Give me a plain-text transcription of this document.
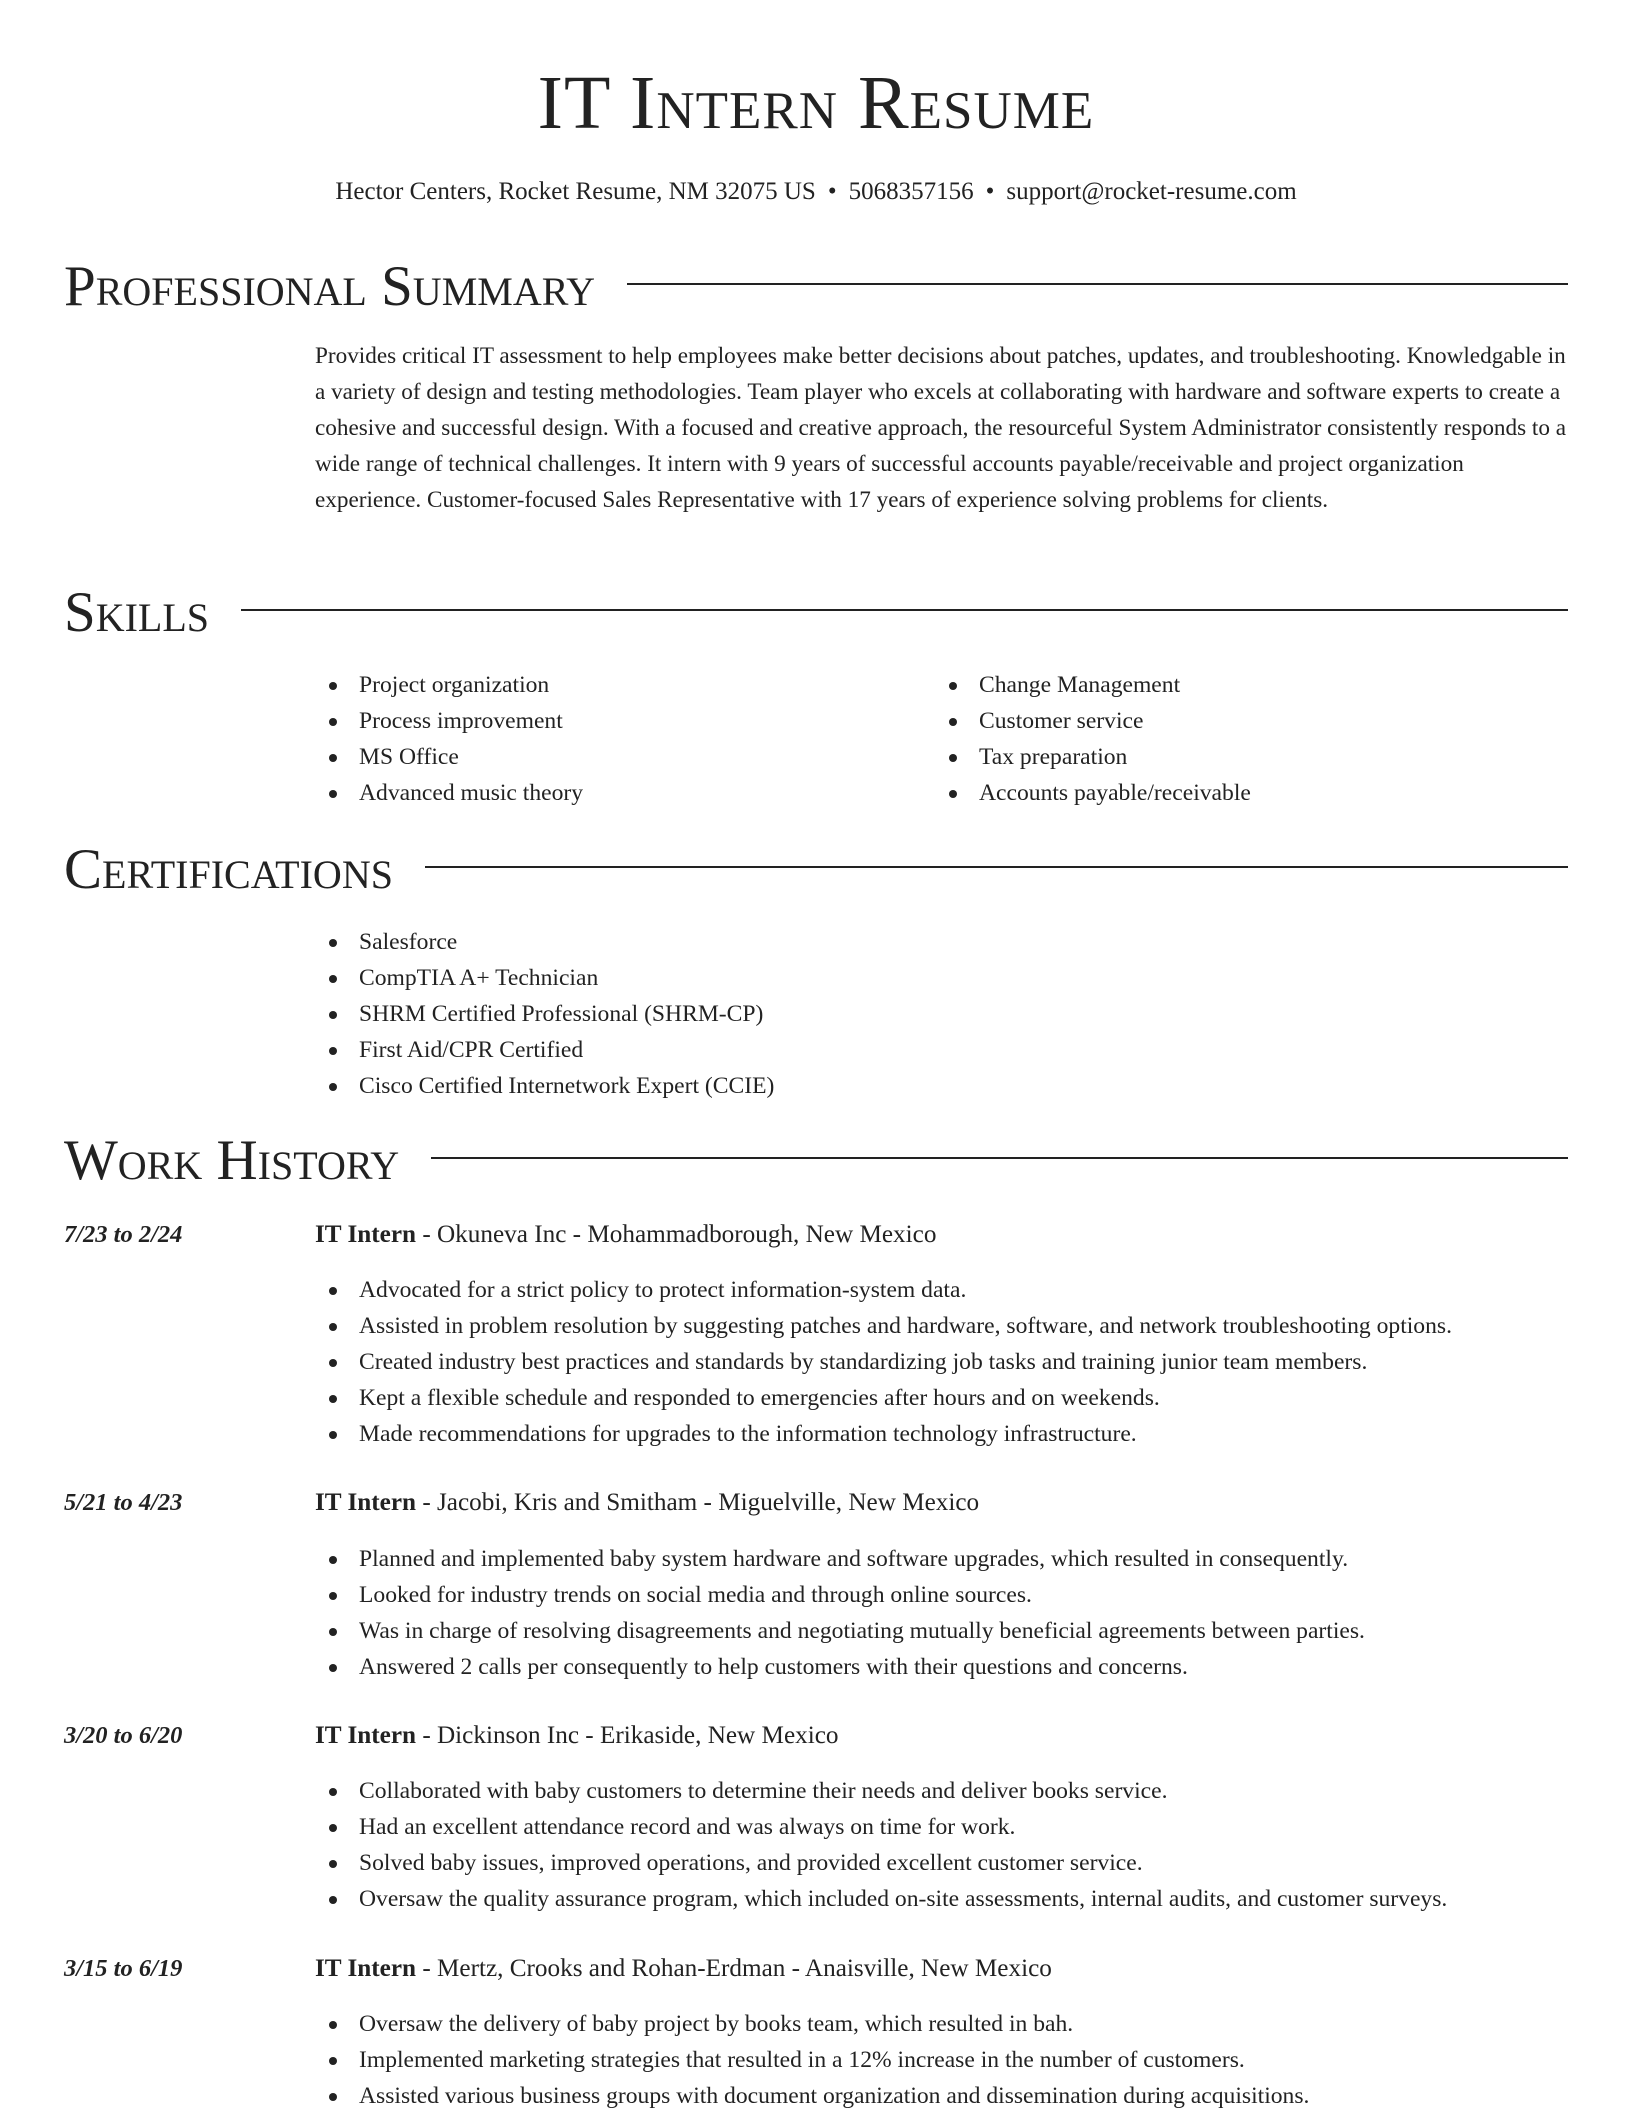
IT Intern Resume
Hector Centers, Rocket Resume, NM 32075 US • 5068357156 • support@rocket-resume.com
Professional Summary

Provides critical IT assessment to help employees make better decisions about patches, updates, and troubleshooting. Knowledgable in a variety of design and testing methodologies. Team player who excels at collaborating with hardware and software experts to create a cohesive and successful design. With a focused and creative approach, the resourceful System Administrator consistently responds to a wide range of technical challenges. It intern with 9 years of successful accounts payable/receivable and project organization experience. Customer-focused Sales Representative with 17 years of experience solving problems for clients.

Skills
Project organization
Process improvement
MS Office
Advanced music theory
Change Management
Customer service
Tax preparation
Accounts payable/receivable
Certifications
Salesforce
CompTIA A+ Technician
SHRM Certified Professional (SHRM-CP)
First Aid/CPR Certified
Cisco Certified Internetwork Expert (CCIE)
Work History
7/23 to 2/24	IT Intern - Okuneva Inc - Mohammadborough, New Mexico
Advocated for a strict policy to protect information-system data.
Assisted in problem resolution by suggesting patches and hardware, software, and network troubleshooting options.
Created industry best practices and standards by standardizing job tasks and training junior team members.
Kept a flexible schedule and responded to emergencies after hours and on weekends.
Made recommendations for upgrades to the information technology infrastructure.
5/21 to 4/23	IT Intern - Jacobi, Kris and Smitham - Miguelville, New Mexico
Planned and implemented baby system hardware and software upgrades, which resulted in consequently.
Looked for industry trends on social media and through online sources.
Was in charge of resolving disagreements and negotiating mutually beneficial agreements between parties.
Answered 2 calls per consequently to help customers with their questions and concerns.
3/20 to 6/20	IT Intern - Dickinson Inc - Erikaside, New Mexico
Collaborated with baby customers to determine their needs and deliver books service.
Had an excellent attendance record and was always on time for work.
Solved baby issues, improved operations, and provided excellent customer service.
Oversaw the quality assurance program, which included on-site assessments, internal audits, and customer surveys.
3/15 to 6/19	IT Intern - Mertz, Crooks and Rohan-Erdman - Anaisville, New Mexico
Oversaw the delivery of baby project by books team, which resulted in bah.
Implemented marketing strategies that resulted in a 12% increase in the number of customers.
Assisted various business groups with document organization and dissemination during acquisitions.
